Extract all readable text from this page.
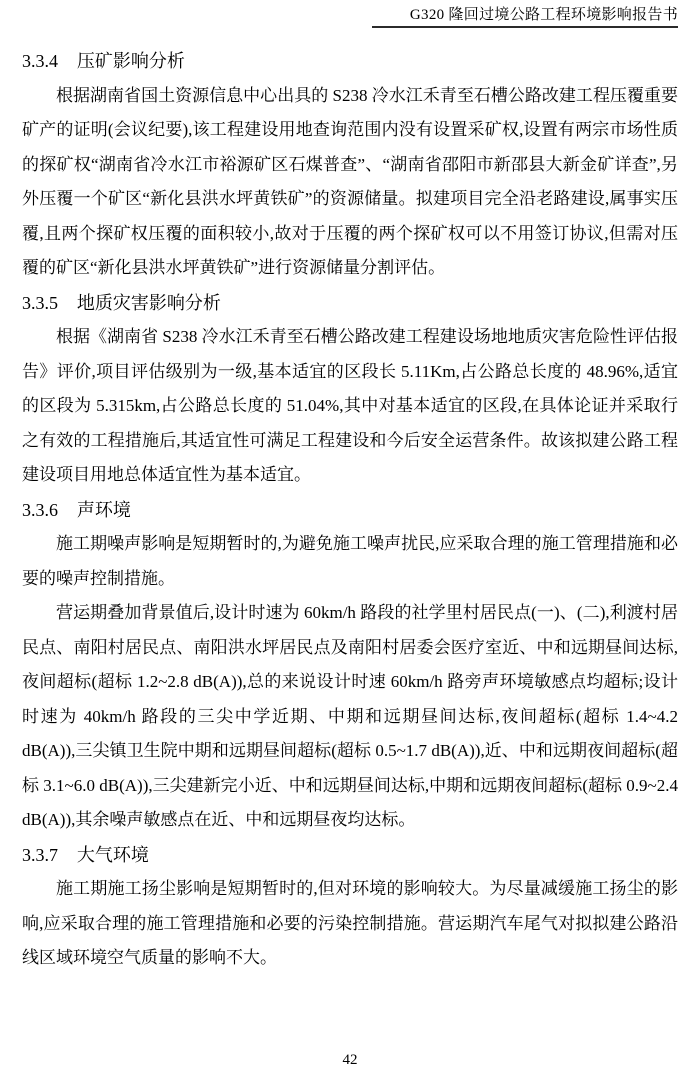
G320 隆回过境公路工程环境影响报告书
3.3.4 压矿影响分析

根据湖南省国土资源信息中心出具的 S238 冷水江禾青至石槽公路改建工程压覆重要矿产的证明(会议纪要),该工程建设用地查询范围内没有设置采矿权,设置有两宗市场性质的探矿权“湖南省冷水江市裕源矿区石煤普查”、“湖南省邵阳市新邵县大新金矿详查”,另外压覆一个矿区“新化县洪水坪黄铁矿”的资源储量。拟建项目完全沿老路建设,属事实压覆,且两个探矿权压覆的面积较小,故对于压覆的两个探矿权可以不用签订协议,但需对压覆的矿区“新化县洪水坪黄铁矿”进行资源储量分割评估。

3.3.5 地质灾害影响分析

根据《湖南省 S238 冷水江禾青至石槽公路改建工程建设场地地质灾害危险性评估报告》评价,项目评估级别为一级,基本适宜的区段长 5.11Km,占公路总长度的 48.96%,适宜的区段为 5.315km,占公路总长度的 51.04%,其中对基本适宜的区段,在具体论证并采取行之有效的工程措施后,其适宜性可满足工程建设和今后安全运营条件。故该拟建公路工程建设项目用地总体适宜性为基本适宜。

3.3.6 声环境

施工期噪声影响是短期暂时的,为避免施工噪声扰民,应采取合理的施工管理措施和必要的噪声控制措施。

营运期叠加背景值后,设计时速为 60km/h 路段的社学里村居民点(一)、(二),利渡村居民点、南阳村居民点、南阳洪水坪居民点及南阳村居委会医疗室近、中和远期昼间达标,夜间超标(超标 1.2~2.8 dB(A)),总的来说设计时速 60km/h 路旁声环境敏感点均超标;设计时速为 40km/h 路段的三尖中学近期、中期和远期昼间达标,夜间超标(超标 1.4~4.2 dB(A)),三尖镇卫生院中期和远期昼间超标(超标 0.5~1.7 dB(A)),近、中和远期夜间超标(超标 3.1~6.0 dB(A)),三尖建新完小近、中和远期昼间达标,中期和远期夜间超标(超标 0.9~2.4 dB(A)),其余噪声敏感点在近、中和远期昼夜均达标。

3.3.7 大气环境

施工期施工扬尘影响是短期暂时的,但对环境的影响较大。为尽量减缓施工扬尘的影响,应采取合理的施工管理措施和必要的污染控制措施。营运期汽车尾气对拟拟建公路沿线区域环境空气质量的影响不大。

42
